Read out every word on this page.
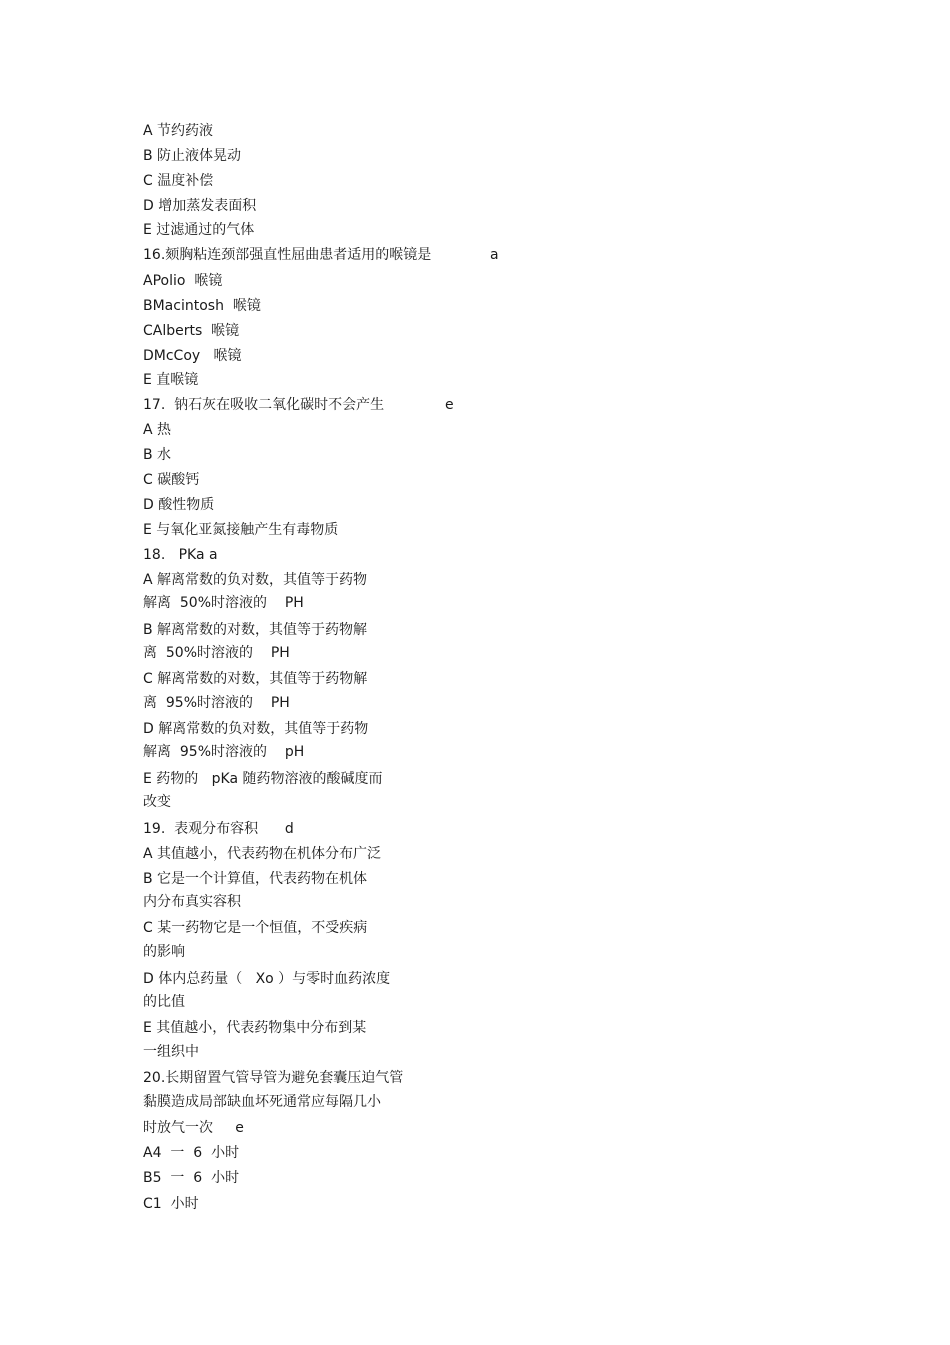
A 节约药液
B 防止液体晃动
C 温度补偿
D 增加蒸发表面积
E 过滤通过的气体
16.颏胸粘连颈部强直性屈曲患者适用的喉镜是	a
APolio  喉镜
BMacintosh  喉镜
CAlberts  喉镜
DMcCoy   喉镜
E 直喉镜
17.  钠石灰在吸收二氧化碳时不会产生	e
A 热
B 水
C 碳酸钙
D 酸性物质
E 与氧化亚氮接触产生有毒物质
18.   PKa a
A 解离常数的负对数，其值等于药物
解离  50%时溶液的    PH
B 解离常数的对数，其值等于药物解
离  50%时溶液的    PH
C 解离常数的对数，其值等于药物解
离  95%时溶液的    PH
D 解离常数的负对数，其值等于药物
解离  95%时溶液的    pH
E 药物的   pKa 随药物溶液的酸碱度而
改变
19.  表观分布容积      d
A 其值越小，代表药物在机体分布广泛
B 它是一个计算值，代表药物在机体
内分布真实容积
C 某一药物它是一个恒值，不受疾病
的影响
D 体内总药量（   Xo ）与零时血药浓度
的比值
E 其值越小，代表药物集中分布到某
一组织中
20.长期留置气管导管为避免套囊压迫气管
黏膜造成局部缺血坏死通常应每隔几小
时放气一次     e
A4  一  6  小时
B5  一  6  小时
C1  小时
